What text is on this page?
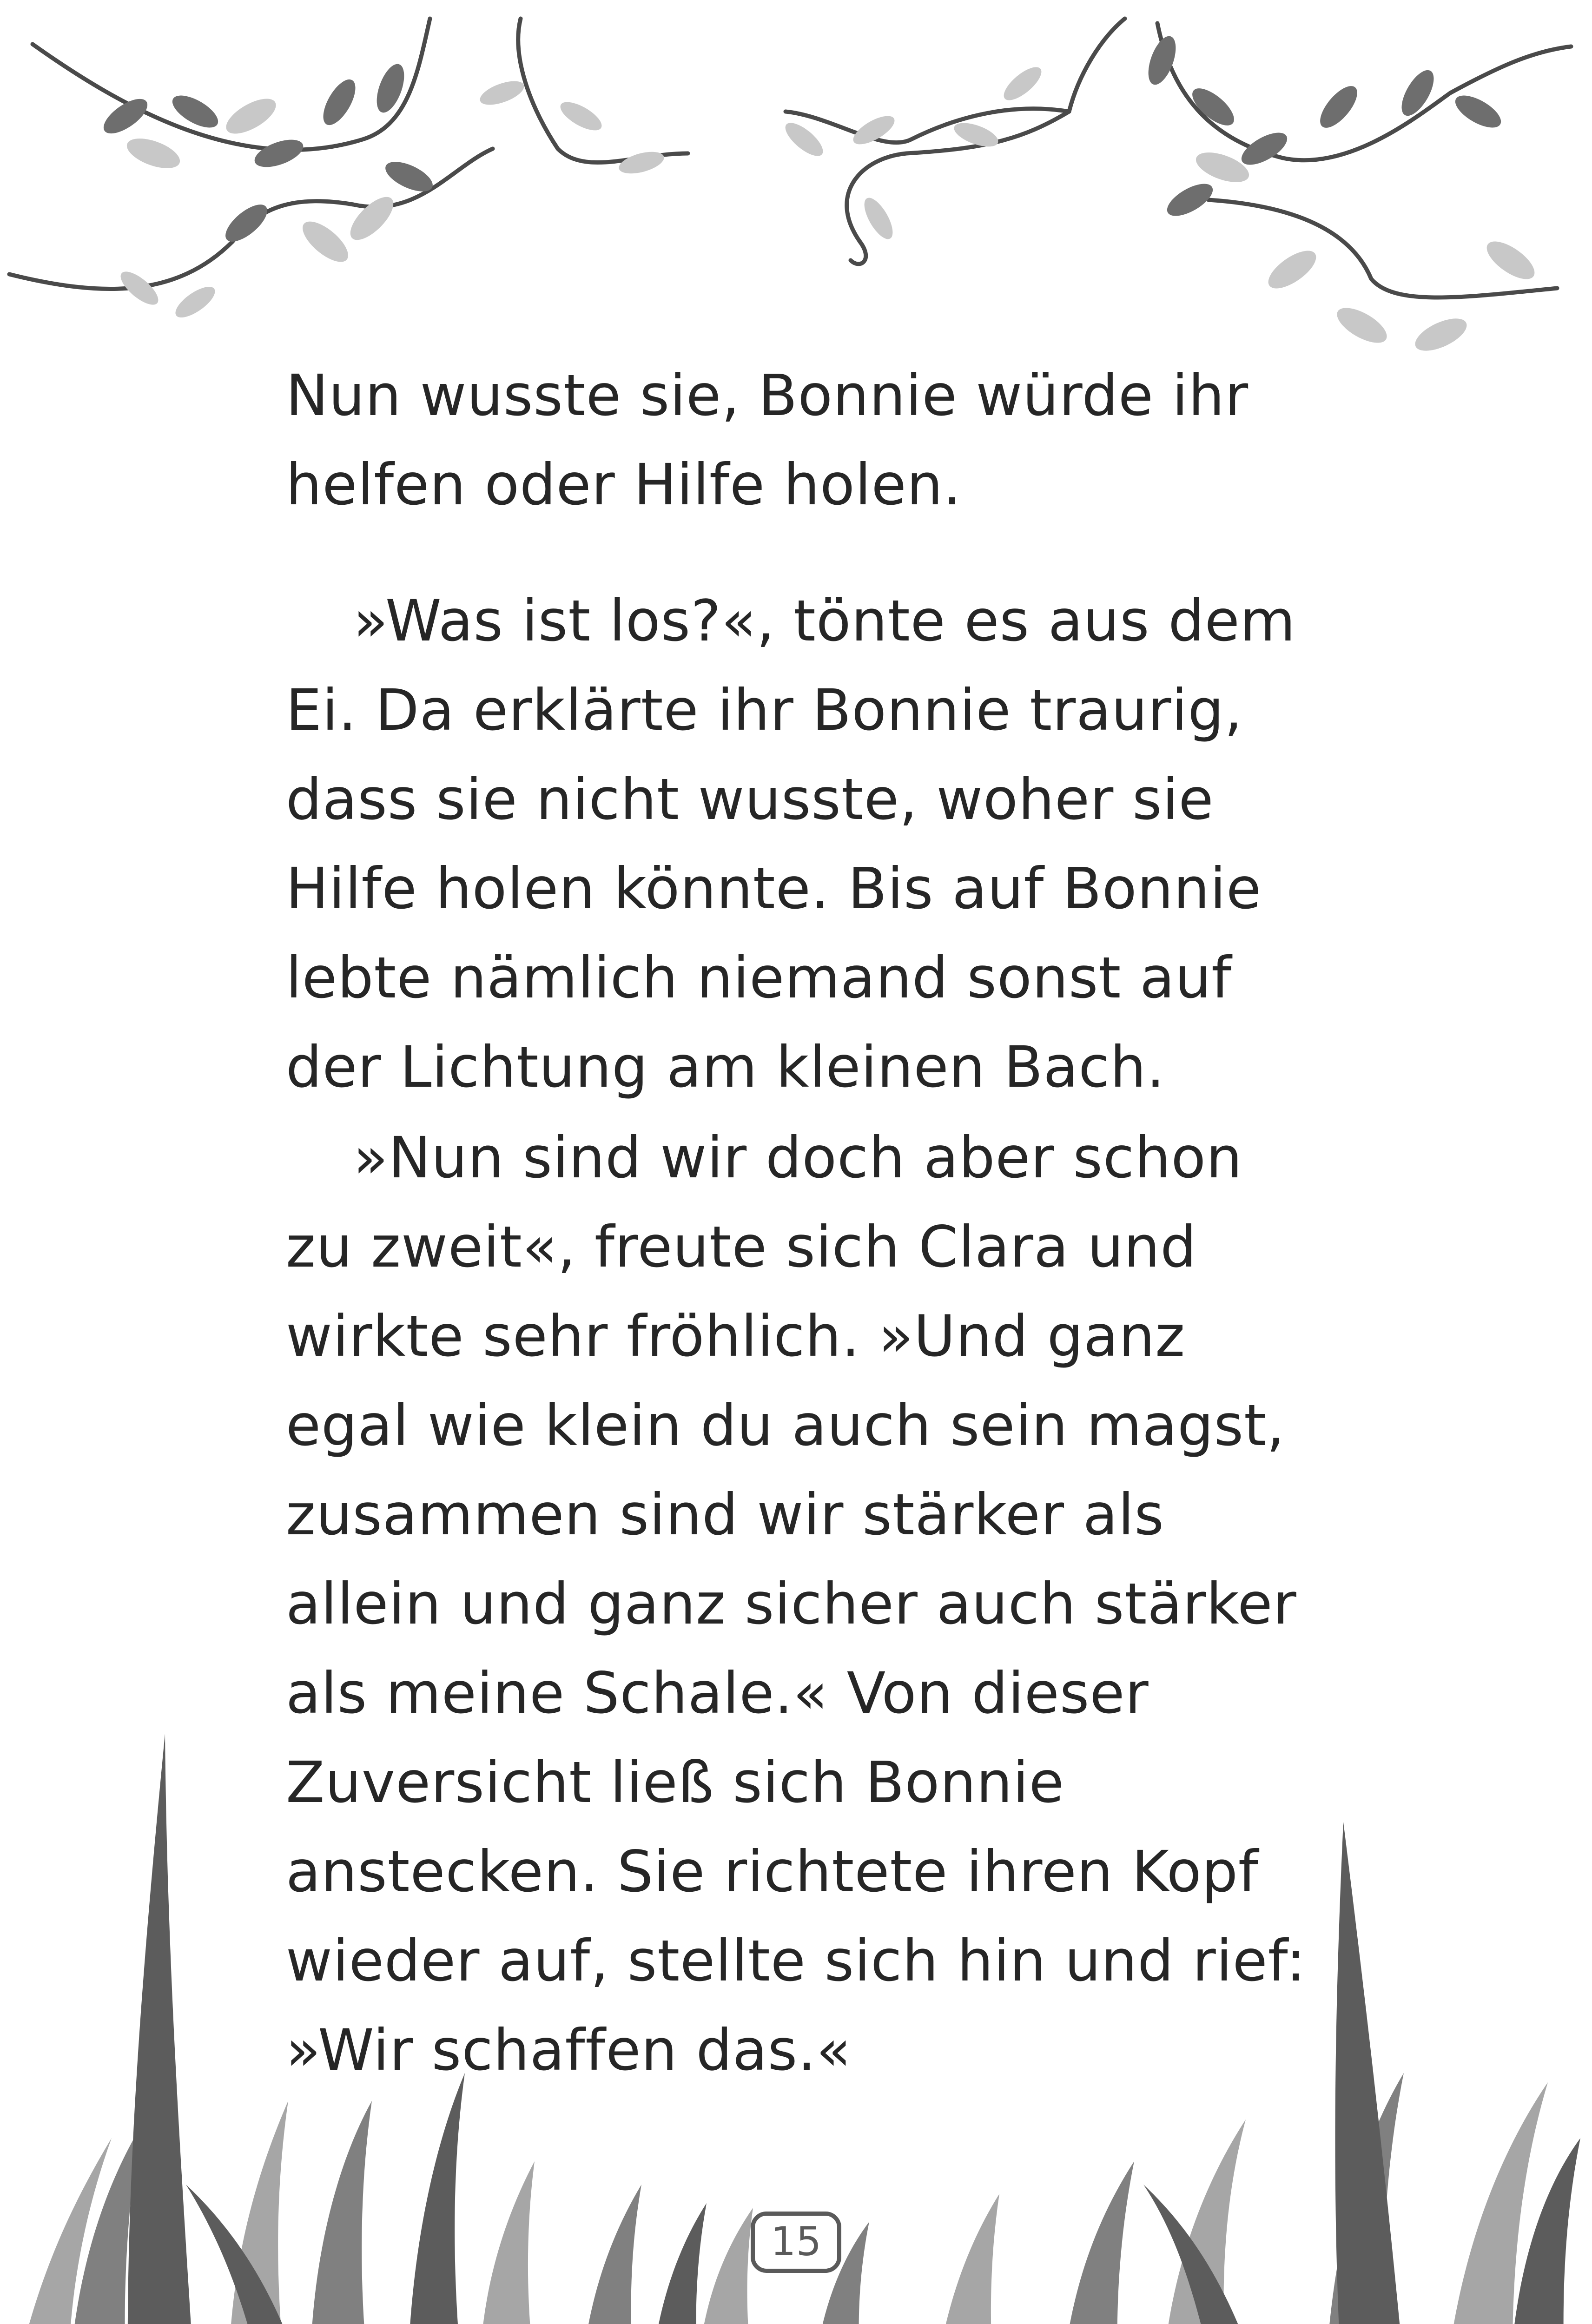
Nun wusste sie, Bonnie würde ihr
helfen oder Hilfe holen.
»Was ist los?«, tönte es aus dem
Ei. Da erklärte ihr Bonnie traurig,
dass sie nicht wusste, woher sie
Hilfe holen könnte. Bis auf Bonnie
lebte nämlich niemand sonst auf
der Lichtung am kleinen Bach.
»Nun sind wir doch aber schon
zu zweit«, freute sich Clara und
wirkte sehr fröhlich. »Und ganz
egal wie klein du auch sein magst,
zusammen sind wir stärker als
allein und ganz sicher auch stärker
als meine Schale.« Von dieser
Zuversicht ließ sich Bonnie
anstecken. Sie richtete ihren Kopf
wieder auf, stellte sich hin und rief:
»Wir schaffen das.«
15
